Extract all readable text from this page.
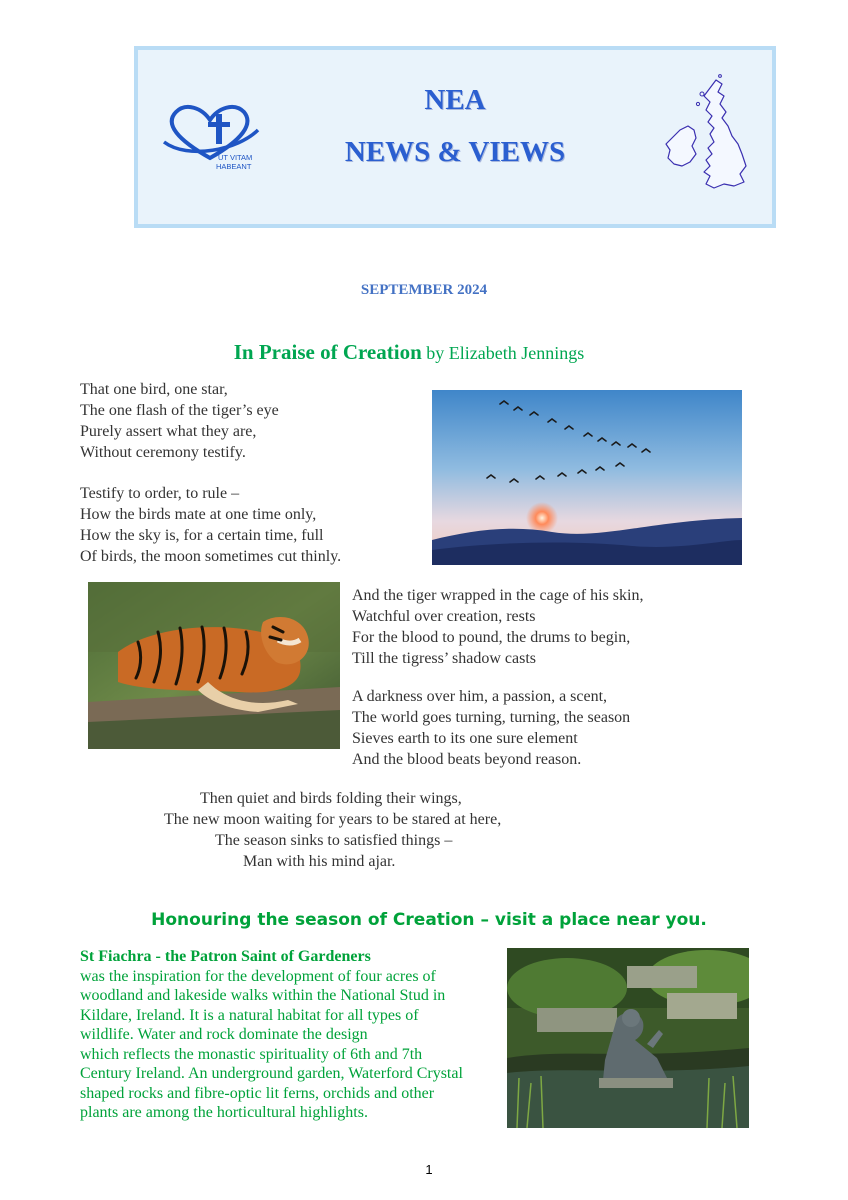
UT VITAM
HABEANT
NEA
NEWS & VIEWS
SEPTEMBER 2024
In Praise of Creation by Elizabeth Jennings
That one bird, one star,
The one flash of the tiger’s eye
Purely assert what they are,
Without ceremony testify.
Testify to order, to rule –
How the birds mate at one time only,
How the sky is, for a certain time, full
Of birds, the moon sometimes cut thinly.
And the tiger wrapped in the cage of his skin,
Watchful over creation, rests
For the blood to pound, the drums to begin,
Till the tigress’ shadow casts
A darkness over him, a passion, a scent,
The world goes turning, turning, the season
Sieves earth to its one sure element
And the blood beats beyond reason.
Then quiet and birds folding their wings,
The new moon waiting for years to be stared at here,
The season sinks to satisfied things –
Man with his mind ajar.
Honouring the season of Creation – visit a place near you.
St Fiachra - the Patron Saint of Gardeners
was the inspiration for the development of four acres of
woodland and lakeside walks within the National Stud in
Kildare, Ireland. It is a natural habitat for all types of
wildlife. Water and rock dominate the design
which reflects the monastic spirituality of 6th and 7th
Century Ireland. An underground garden, Waterford Crystal
shaped rocks and fibre-optic lit ferns, orchids and other
plants are among the horticultural highlights.
1
